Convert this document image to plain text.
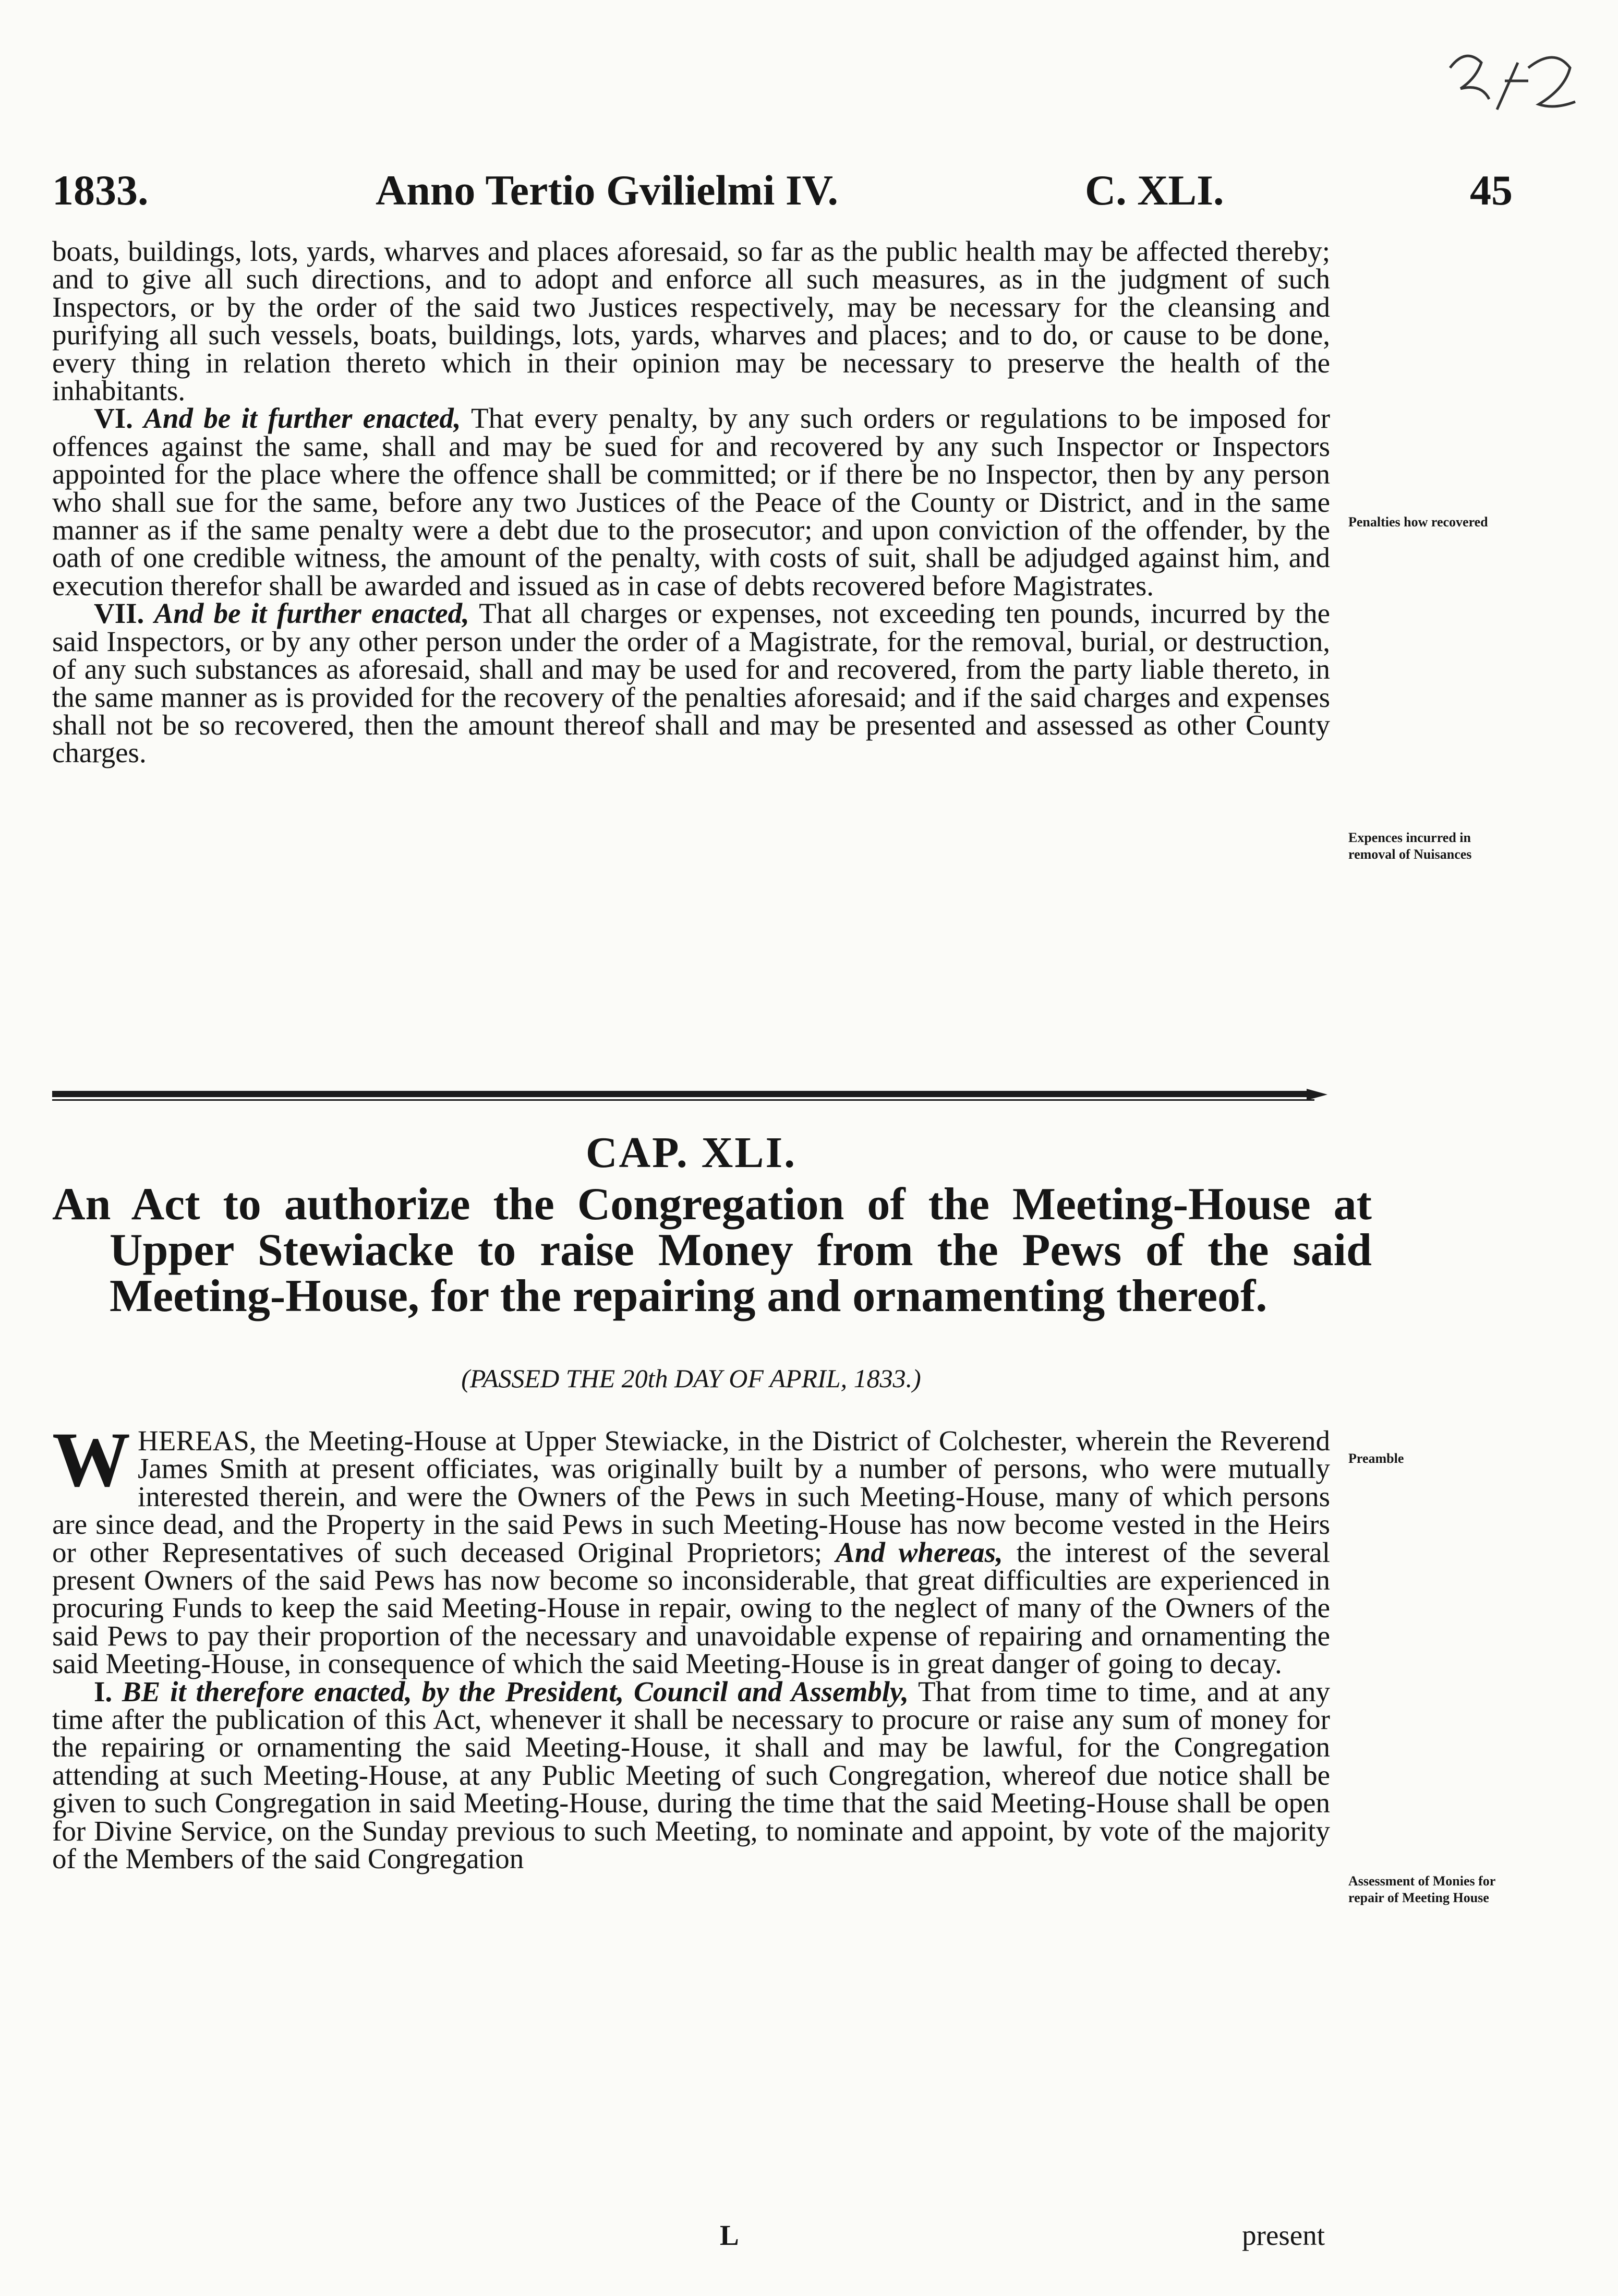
1833.	Anno Tertio Gvilielmi IV.	C. XLI.	45

boats, buildings, lots, yards, wharves and places aforesaid, so far as the public health may be affected thereby; and to give all such directions, and to adopt and enforce all such measures, as in the judgment of such Inspectors, or by the order of the said two Justices respectively, may be necessary for the cleansing and purifying all such vessels, boats, buildings, lots, yards, wharves and places; and to do, or cause to be done, every thing in relation thereto which in their opinion may be necessary to preserve the health of the inhabitants.

VI. And be it further enacted, That every penalty, by any such orders or regulations to be imposed for offences against the same, shall and may be sued for and recovered by any such Inspector or Inspectors appointed for the place where the offence shall be committed; or if there be no Inspector, then by any person who shall sue for the same, before any two Justices of the Peace of the County or District, and in the same manner as if the same penalty were a debt due to the prosecutor; and upon conviction of the offender, by the oath of one credible witness, the amount of the penalty, with costs of suit, shall be adjudged against him, and execution therefor shall be awarded and issued as in case of debts recovered before Magistrates.

VII. And be it further enacted, That all charges or expenses, not exceeding ten pounds, incurred by the said Inspectors, or by any other person under the order of a Magistrate, for the removal, burial, or destruction, of any such substances as aforesaid, shall and may be used for and recovered, from the party liable thereto, in the same manner as is provided for the recovery of the penalties aforesaid; and if the said charges and expenses shall not be so recovered, then the amount thereof shall and may be presented and assessed as other County charges.

Penalties how recovered
Expences incurred in removal of Nuisances
CAP. XLI.
An Act to authorize the Congregation of the Meeting-House at Upper Stewiacke to raise Money from the Pews of the said Meeting-House, for the repairing and ornamenting thereof.
(PASSED THE 20th DAY OF APRIL, 1833.)

W HEREAS, the Meeting-House at Upper Stewiacke, in the District of Colchester, wherein the Reverend James Smith at present officiates, was originally built by a number of persons, who were mutually interested therein, and were the Owners of the Pews in such Meeting-House, many of which persons are since dead, and the Property in the said Pews in such Meeting-House has now become vested in the Heirs or other Representatives of such deceased Original Proprietors; And whereas, the interest of the several present Owners of the said Pews has now become so inconsiderable, that great difficulties are experienced in procuring Funds to keep the said Meeting-House in repair, owing to the neglect of many of the Owners of the said Pews to pay their proportion of the necessary and unavoidable expense of repairing and ornamenting the said Meeting-House, in consequence of which the said Meeting-House is in great danger of going to decay.

I. BE it therefore enacted, by the President, Council and Assembly, That from time to time, and at any time after the publication of this Act, whenever it shall be necessary to procure or raise any sum of money for the repairing or ornamenting the said Meeting-House, it shall and may be lawful, for the Congregation attending at such Meeting-House, at any Public Meeting of such Congregation, whereof due notice shall be given to such Congregation in said Meeting-House, during the time that the said Meeting-House shall be open for Divine Service, on the Sunday previous to such Meeting, to nominate and appoint, by vote of the majority of the Members of the said Congregation

Preamble
Assessment of Monies for repair of Meeting House
L	present
